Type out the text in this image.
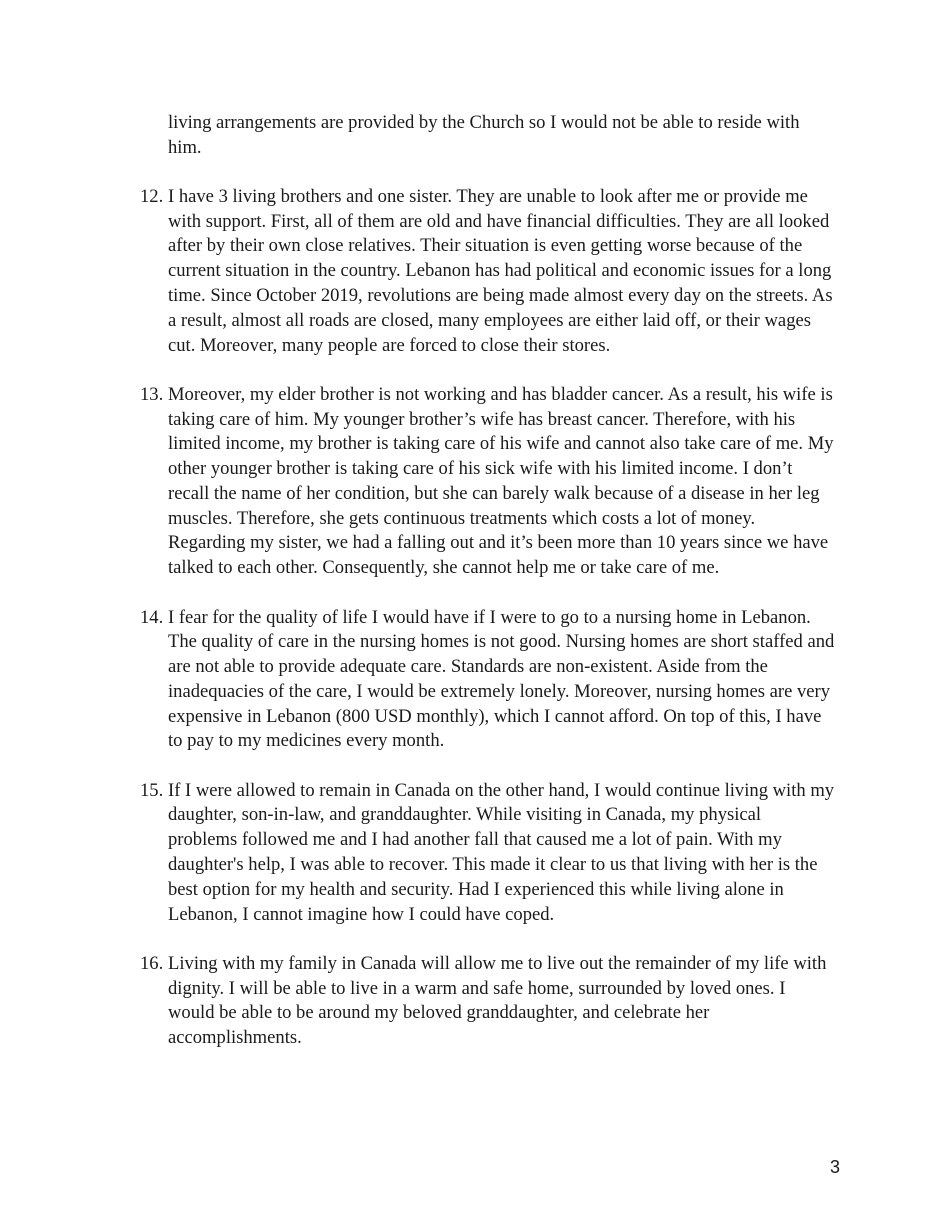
living arrangements are provided by the Church so I would not be able to reside with
him.
12. I have 3 living brothers and one sister. They are unable to look after me or provide me
with support. First, all of them are old and have financial difficulties. They are all looked
after by their own close relatives. Their situation is even getting worse because of the
current situation in the country. Lebanon has had political and economic issues for a long
time. Since October 2019, revolutions are being made almost every day on the streets. As
a result, almost all roads are closed, many employees are either laid off, or their wages
cut. Moreover, many people are forced to close their stores.
13. Moreover, my elder brother is not working and has bladder cancer. As a result, his wife is
taking care of him. My younger brother’s wife has breast cancer. Therefore, with his
limited income, my brother is taking care of his wife and cannot also take care of me. My
other younger brother is taking care of his sick wife with his limited income. I don’t
recall the name of her condition, but she can barely walk because of a disease in her leg
muscles. Therefore, she gets continuous treatments which costs a lot of money.
Regarding my sister, we had a falling out and it’s been more than 10 years since we have
talked to each other. Consequently, she cannot help me or take care of me.
14. I fear for the quality of life I would have if I were to go to a nursing home in Lebanon.
The quality of care in the nursing homes is not good. Nursing homes are short staffed and
are not able to provide adequate care. Standards are non-existent. Aside from the
inadequacies of the care, I would be extremely lonely. Moreover, nursing homes are very
expensive in Lebanon (800 USD monthly), which I cannot afford. On top of this, I have
to pay to my medicines every month.
15. If I were allowed to remain in Canada on the other hand, I would continue living with my
daughter, son-in-law, and granddaughter. While visiting in Canada, my physical
problems followed me and I had another fall that caused me a lot of pain. With my
daughter's help, I was able to recover. This made it clear to us that living with her is the
best option for my health and security. Had I experienced this while living alone in
Lebanon, I cannot imagine how I could have coped.
16. Living with my family in Canada will allow me to live out the remainder of my life with
dignity. I will be able to live in a warm and safe home, surrounded by loved ones. I
would be able to be around my beloved granddaughter, and celebrate her
accomplishments.
3
